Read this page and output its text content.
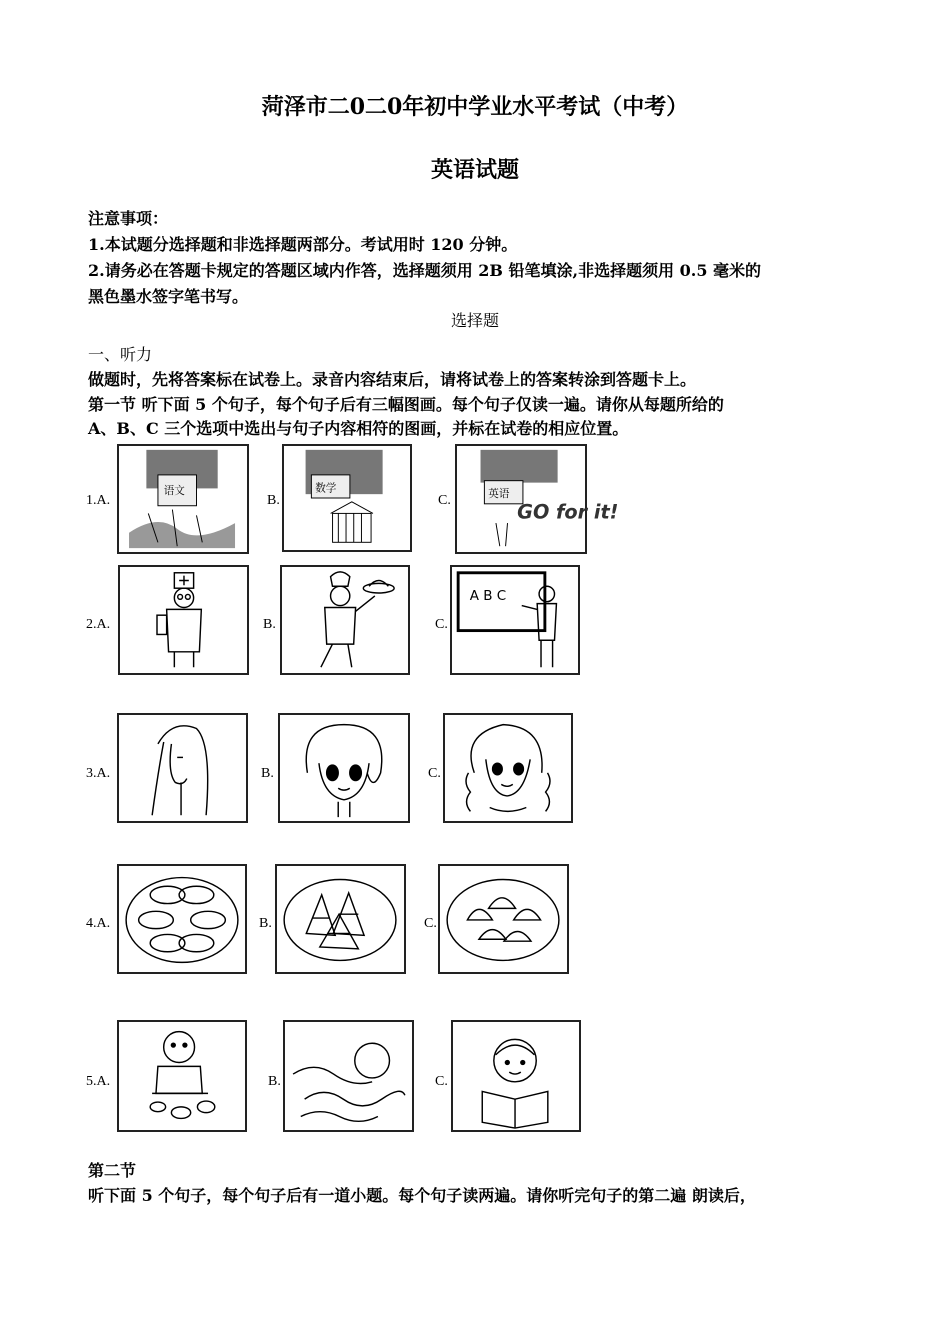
菏泽市二0二0年初中学业水平考试（中考）
英语试题
注意事项：
1.本试题分选择题和非选择题两部分。考试用时 120 分钟。
2.请务必在答题卡规定的答题区域内作答，选择题须用 2B 铅笔填涂,非选择题须用 0.5 毫米的
黑色墨水签字笔书写。
选择题
一、听力
做题时，先将答案标在试卷上。录音内容结束后，请将试卷上的答案转涂到答题卡上。
第一节 听下面 5 个句子，每个句子后有三幅图画。每个句子仅读一遍。请你从每题所给的
A、B、C 三个选项中选出与句子内容相符的图画，并标在试卷的相应位置。
1.A.
语文
B.
数学
C.	英语
GO for it!
2.A.	B.	C.
A B C
3.A.	B.	C.
4.A.	B.	C.
5.A.	B.	C.
第二节
听下面 5 个句子，每个句子后有一道小题。每个句子读两遍。请你听完句子的第二遍 朗读后，
